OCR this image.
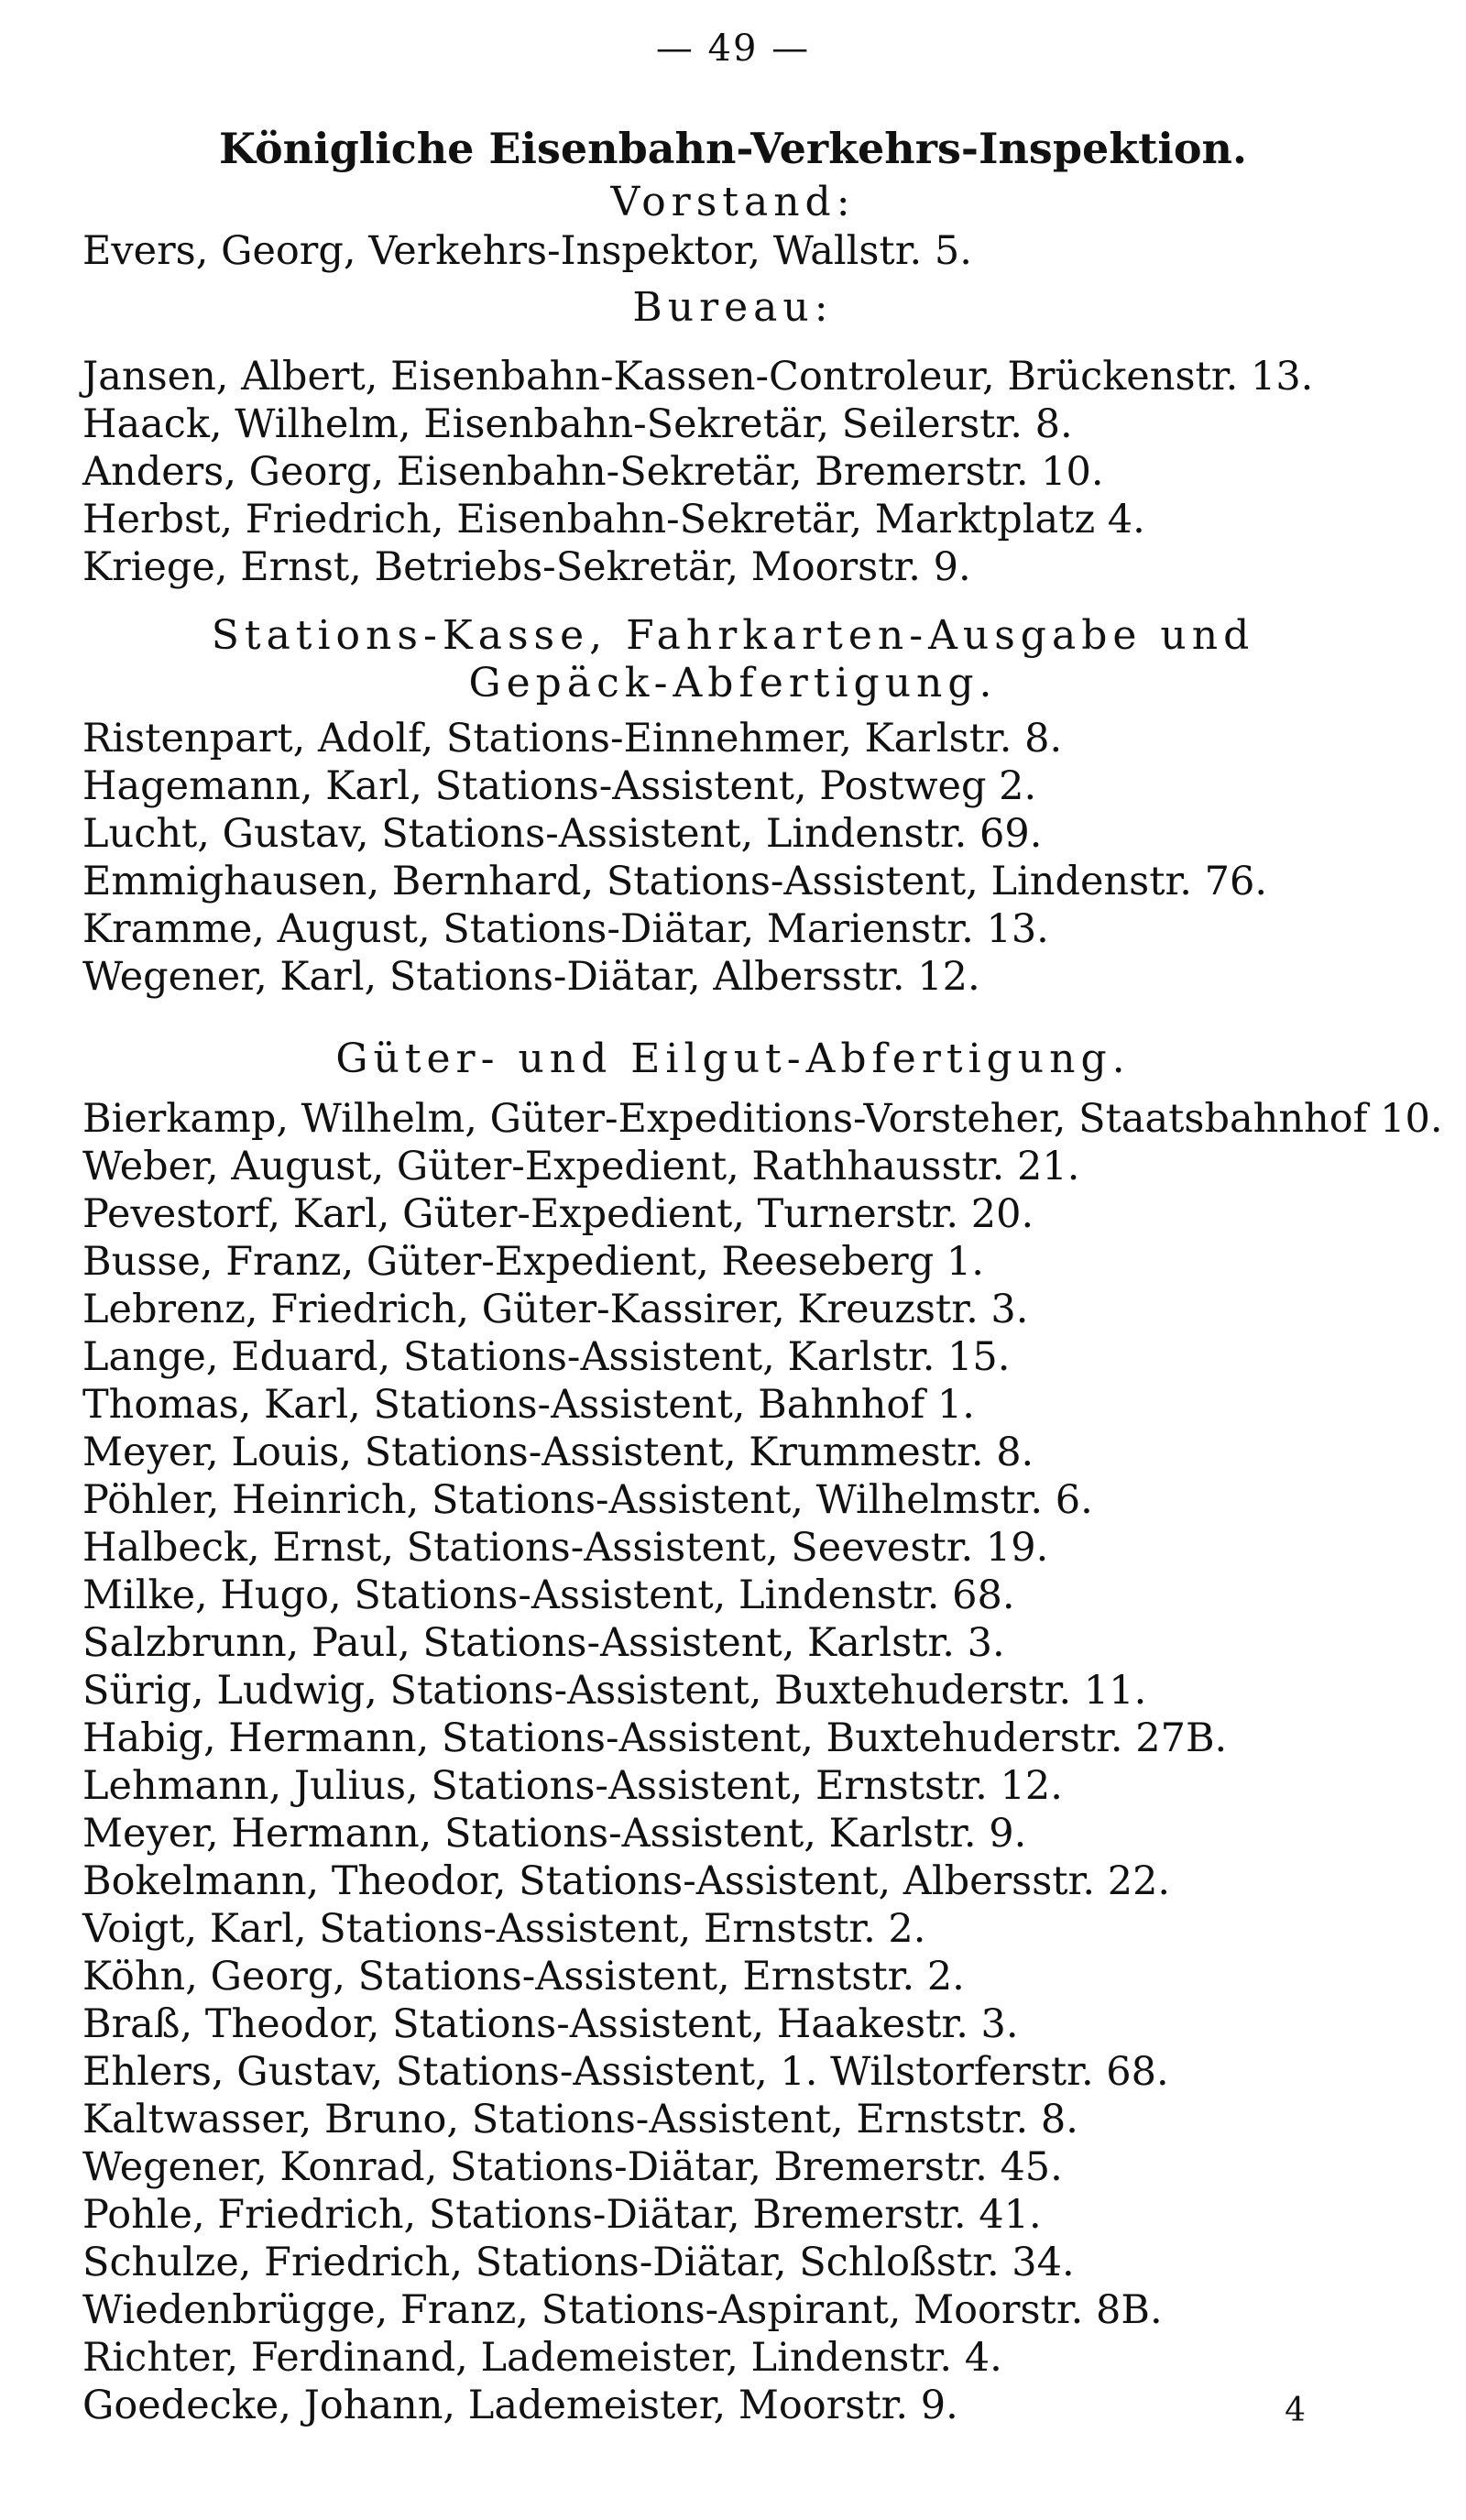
— 49 —
Königliche Eisenbahn-Verkehrs-Inspektion.
Vorstand:
Evers, Georg, Verkehrs-Inspektor, Wallstr. 5.
Bureau:
Jansen, Albert, Eisenbahn-Kassen-Controleur, Brückenstr. 13.
Haack, Wilhelm, Eisenbahn-Sekretär, Seilerstr. 8.
Anders, Georg, Eisenbahn-Sekretär, Bremerstr. 10.
Herbst, Friedrich, Eisenbahn-Sekretär, Marktplatz 4.
Kriege, Ernst, Betriebs-Sekretär, Moorstr. 9.
Stations-Kasse, Fahrkarten-Ausgabe und
Gepäck-Abfertigung.
Ristenpart, Adolf, Stations-Einnehmer, Karlstr. 8.
Hagemann, Karl, Stations-Assistent, Postweg 2.
Lucht, Gustav, Stations-Assistent, Lindenstr. 69.
Emmighausen, Bernhard, Stations-Assistent, Lindenstr. 76.
Kramme, August, Stations-Diätar, Marienstr. 13.
Wegener, Karl, Stations-Diätar, Albersstr. 12.
Güter- und Eilgut-Abfertigung.
Bierkamp, Wilhelm, Güter-Expeditions-Vorsteher, Staatsbahnhof 10.
Weber, August, Güter-Expedient, Rathhausstr. 21.
Pevestorf, Karl, Güter-Expedient, Turnerstr. 20.
Busse, Franz, Güter-Expedient, Reeseberg 1.
Lebrenz, Friedrich, Güter-Kassirer, Kreuzstr. 3.
Lange, Eduard, Stations-Assistent, Karlstr. 15.
Thomas, Karl, Stations-Assistent, Bahnhof 1.
Meyer, Louis, Stations-Assistent, Krummestr. 8.
Pöhler, Heinrich, Stations-Assistent, Wilhelmstr. 6.
Halbeck, Ernst, Stations-Assistent, Seevestr. 19.
Milke, Hugo, Stations-Assistent, Lindenstr. 68.
Salzbrunn, Paul, Stations-Assistent, Karlstr. 3.
Sürig, Ludwig, Stations-Assistent, Buxtehuderstr. 11.
Habig, Hermann, Stations-Assistent, Buxtehuderstr. 27B.
Lehmann, Julius, Stations-Assistent, Ernststr. 12.
Meyer, Hermann, Stations-Assistent, Karlstr. 9.
Bokelmann, Theodor, Stations-Assistent, Albersstr. 22.
Voigt, Karl, Stations-Assistent, Ernststr. 2.
Köhn, Georg, Stations-Assistent, Ernststr. 2.
Braß, Theodor, Stations-Assistent, Haakestr. 3.
Ehlers, Gustav, Stations-Assistent, 1. Wilstorferstr. 68.
Kaltwasser, Bruno, Stations-Assistent, Ernststr. 8.
Wegener, Konrad, Stations-Diätar, Bremerstr. 45.
Pohle, Friedrich, Stations-Diätar, Bremerstr. 41.
Schulze, Friedrich, Stations-Diätar, Schloßstr. 34.
Wiedenbrügge, Franz, Stations-Aspirant, Moorstr. 8B.
Richter, Ferdinand, Lademeister, Lindenstr. 4.
Goedecke, Johann, Lademeister, Moorstr. 9.	4
